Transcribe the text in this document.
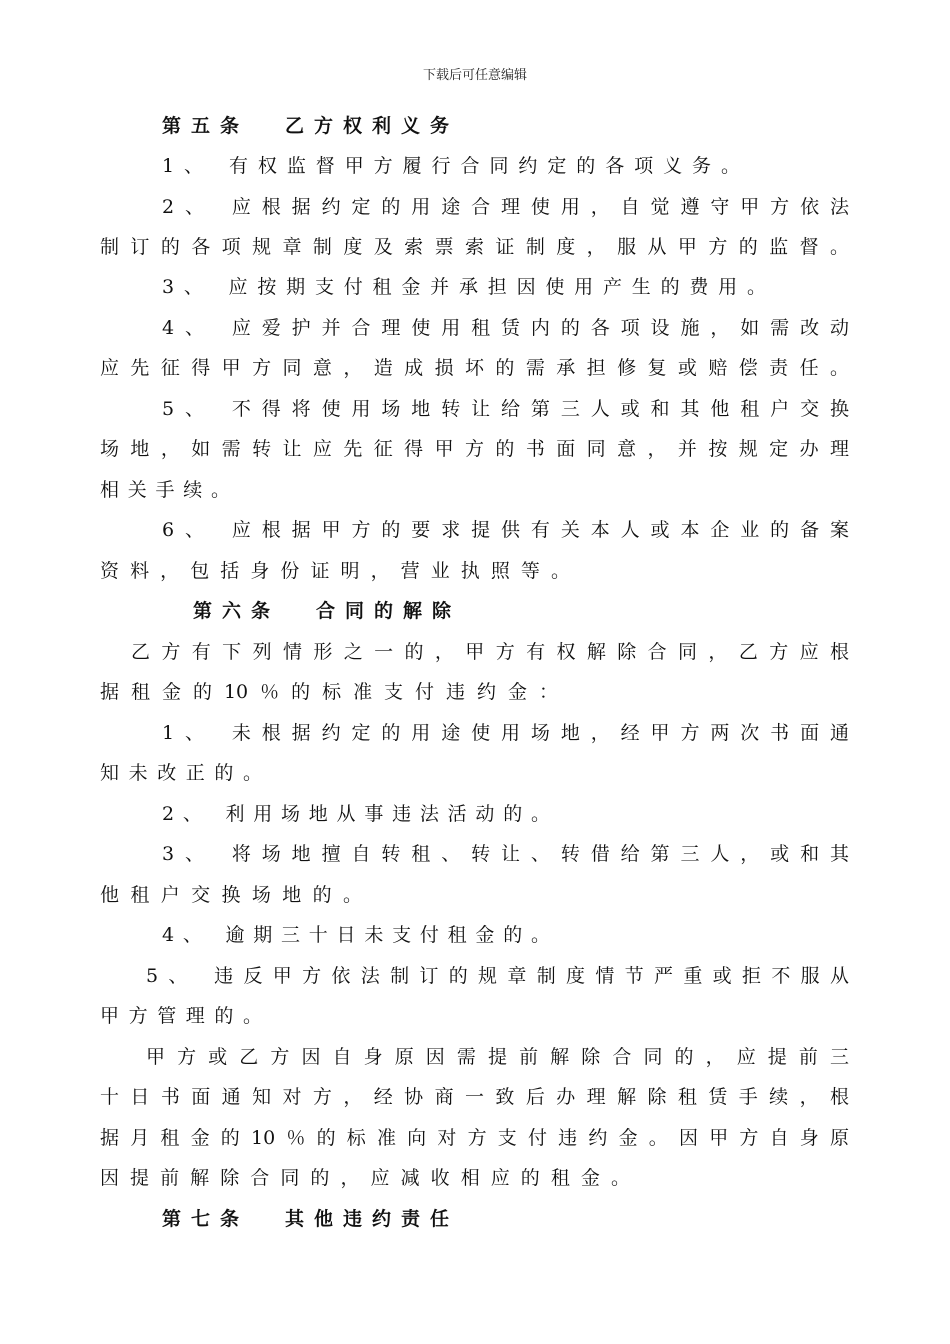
下载后可任意编辑
第五条 乙方权利义务
1、 有权监督甲方履行合同约定的各项义务。
2、 应根据约定的用途合理使用，自觉遵守甲方依法
制订的各项规章制度及索票索证制度，服从甲方的监督。
3、 应按期支付租金并承担因使用产生的费用。
4、 应爱护并合理使用租赁内的各项设施，如需改动
应先征得甲方同意，造成损坏的需承担修复或赔偿责任。
5、 不得将使用场地转让给第三人或和其他租户交换
场地，如需转让应先征得甲方的书面同意，并按规定办理
相关手续。
6、 应根据甲方的要求提供有关本人或本企业的备案
资料，包括身份证明，营业执照等。
第六条 合同的解除
乙方有下列情形之一的，甲方有权解除合同，乙方应根
据租金的10％的标准支付违约金：
1、 未根据约定的用途使用场地，经甲方两次书面通
知未改正的。
2、 利用场地从事违法活动的。
3、 将场地擅自转租、转让、转借给第三人，或和其
他租户交换场地的。
4、 逾期三十日未支付租金的。
5、 违反甲方依法制订的规章制度情节严重或拒不服从
甲方管理的。
甲方或乙方因自身原因需提前解除合同的，应提前三
十日书面通知对方，经协商一致后办理解除租赁手续，根
据月租金的10％的标准向对方支付违约金。因甲方自身原
因提前解除合同的，应减收相应的租金。
第七条 其他违约责任
